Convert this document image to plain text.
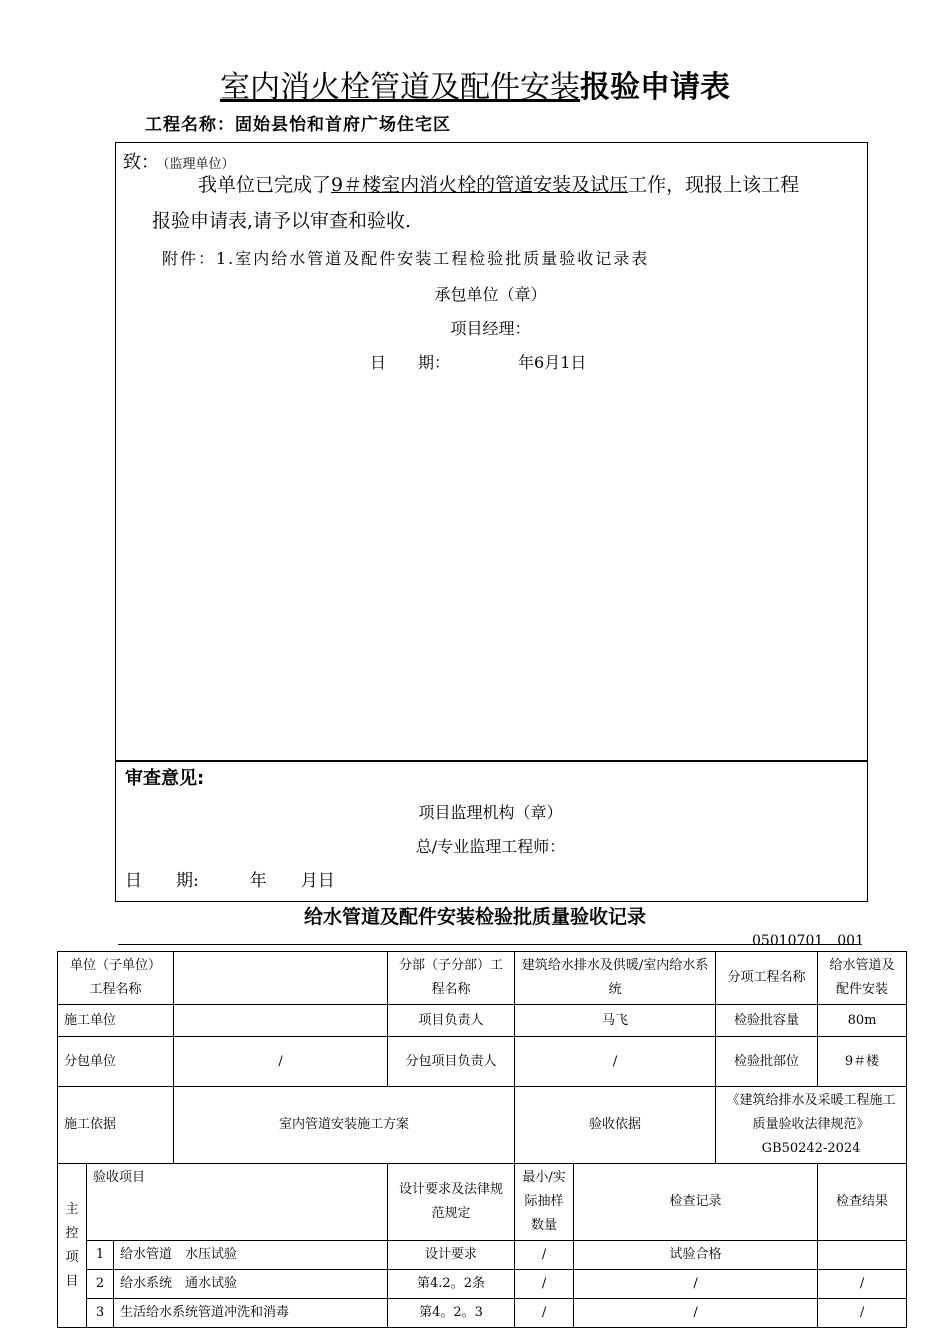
室内消火栓管道及配件安装报验申请表
工程名称：固始县怡和首府广场住宅区
致： （监理单位）
我单位已完成了9＃楼室内消火栓的管道安装及试压工作，现报上该工程
报验申请表,请予以审查和验收.
附件：1.室内给水管道及配件安装工程检验批质量验收记录表
承包单位（章）
项目经理：
日　　期：	年6月1日
审查意见:
项目监理机构（章）
总/专业监理工程师：
日　　期:　　　年　　月日
给水管道及配件安装检验批质量验收记录
05010701　001
单位（子单位）工程名称				分部（子分部）工程名称	建筑给水排水及供暖/室内给水系统		分项工程名称	给水管道及配件安装
施工单位				项目负责人	马飞		检验批容量	80m
分包单位			/	分包项目负责人	/		检验批部位	9＃楼
施工依据			室内管道安装施工方案		验收依据		《建筑给排水及采暖工程施工质量验收法律规范》GB50242-2024	
主控项目	验收项目			设计要求及法律规范规定	最小/实际抽样数量	检查记录		检查结果
	1	给水管道　水压试验		设计要求	/	试验合格		
	2	给水系统　通水试验		第4.2。2条	/	/		/
	3	生活给水系统管道冲洗和消毒		第4。2。3	/	/		/
